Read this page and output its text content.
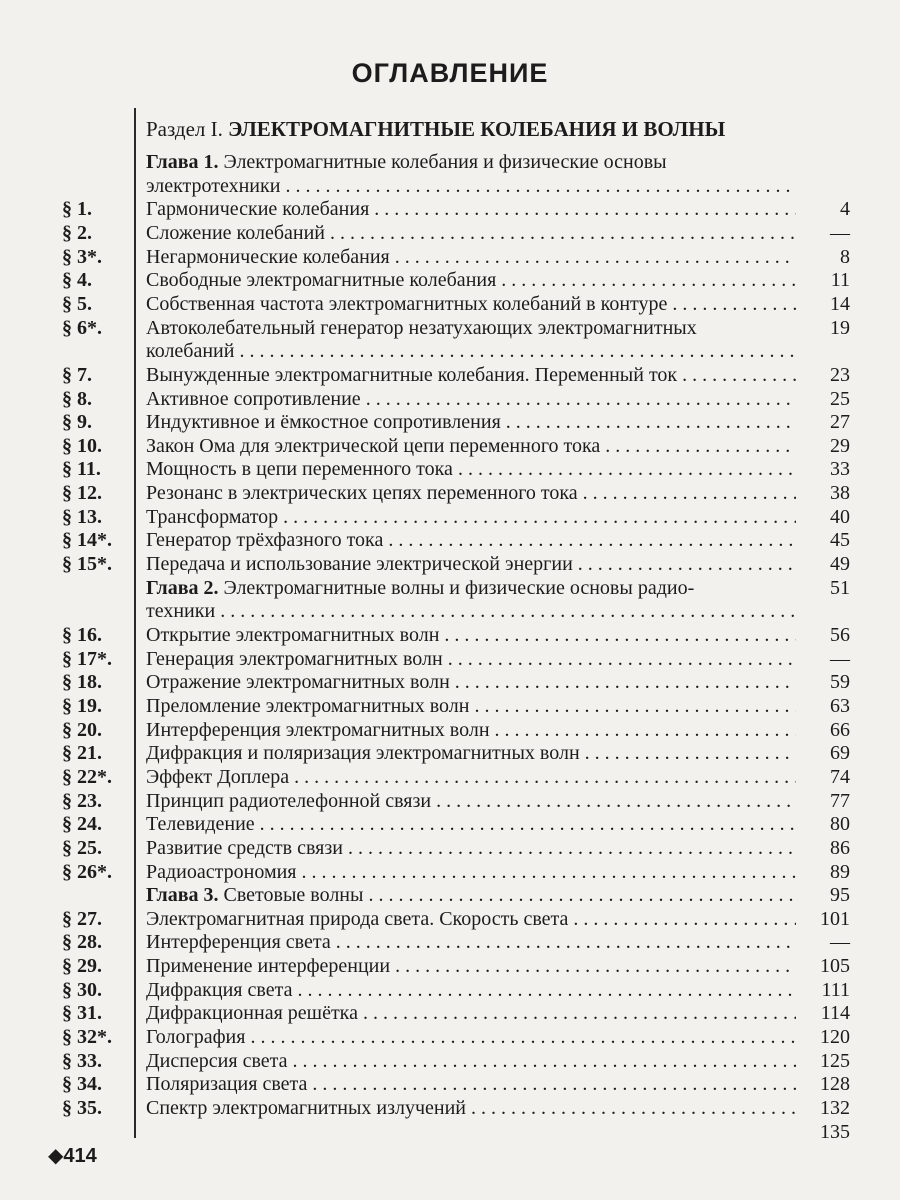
ОГЛАВЛЕНИЕ
Раздел I. ЭЛЕКТРОМАГНИТНЫЕ КОЛЕБАНИЯ И ВОЛНЫ
Глава 1. Электромагнитные колебания и физические основы
электротехники . . .
§ 1.	Гармонические колебания . . .	4
§ 2.	Сложение колебаний . . .	—
§ 3*.	Негармонические колебания . . .	8
§ 4.	Свободные электромагнитные колебания . . .	11
§ 5.	Собственная частота электромагнитных колебаний в контуре . . .	14
§ 6*.	Автоколебательный генератор незатухающих электромагнитных	19
колебаний . . .
§ 7.	Вынужденные электромагнитные колебания. Переменный ток . . .	23
§ 8.	Активное сопротивление . . .	25
§ 9.	Индуктивное и ёмкостное сопротивления . . .	27
§ 10.	Закон Ома для электрической цепи переменного тока . . .	29
§ 11.	Мощность в цепи переменного тока . . .	33
§ 12.	Резонанс в электрических цепях переменного тока . . .	38
§ 13.	Трансформатор . . .	40
§ 14*.	Генератор трёхфазного тока . . .	45
§ 15*.	Передача и использование электрической энергии . . .	49
Глава 2. Электромагнитные волны и физические основы радио-	51
техники . . .
§ 16.	Открытие электромагнитных волн . . .	56
§ 17*.	Генерация электромагнитных волн . . .	—
§ 18.	Отражение электромагнитных волн . . .	59
§ 19.	Преломление электромагнитных волн . . .	63
§ 20.	Интерференция электромагнитных волн . . .	66
§ 21.	Дифракция и поляризация электромагнитных волн . . .	69
§ 22*.	Эффект Доплера . . .	74
§ 23.	Принцип радиотелефонной связи . . .	77
§ 24.	Телевидение . . .	80
§ 25.	Развитие средств связи . . .	86
§ 26*.	Радиоастрономия . . .	89
Глава 3. Световые волны . . .	95
§ 27.	Электромагнитная природа света. Скорость света . . .	101
§ 28.	Интерференция света . . .	—
§ 29.	Применение интерференции . . .	105
§ 30.	Дифракция света . . .	111
§ 31.	Дифракционная решётка . . .	114
§ 32*.	Голография . . .	120
§ 33.	Дисперсия света . . .	125
§ 34.	Поляризация света . . .	128
§ 35.	Спектр электромагнитных излучений . . .	132
135
◆414
